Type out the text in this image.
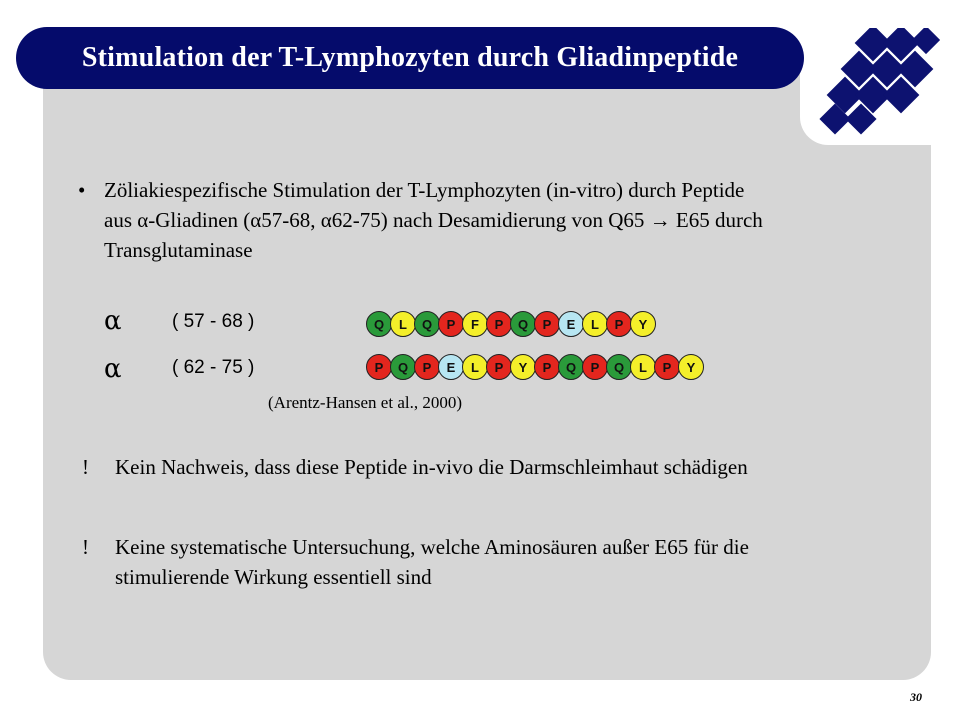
Stimulation der T-Lymphozyten durch Gliadinpeptide
• Zöliakiespezifische Stimulation der T-Lymphozyten (in-vitro) durch Peptide aus α-Gliadinen (α57-68, α62-75) nach Desamidierung von Q65 → E65 durch Transglutaminase
α	( 57 - 68 )	Q	L	Q	P	F	P	Q	P	E	L	P	Y
α	( 62 - 75 )	P	Q	P	E	L	P	Y	P	Q	P	Q	L	P	Y
(Arentz-Hansen et al., 2000)
! Kein Nachweis, dass diese Peptide in-vivo die Darmschleimhaut schädigen
! Keine systematische Untersuchung, welche Aminosäuren außer E65 für die stimulierende Wirkung essentiell sind
30
